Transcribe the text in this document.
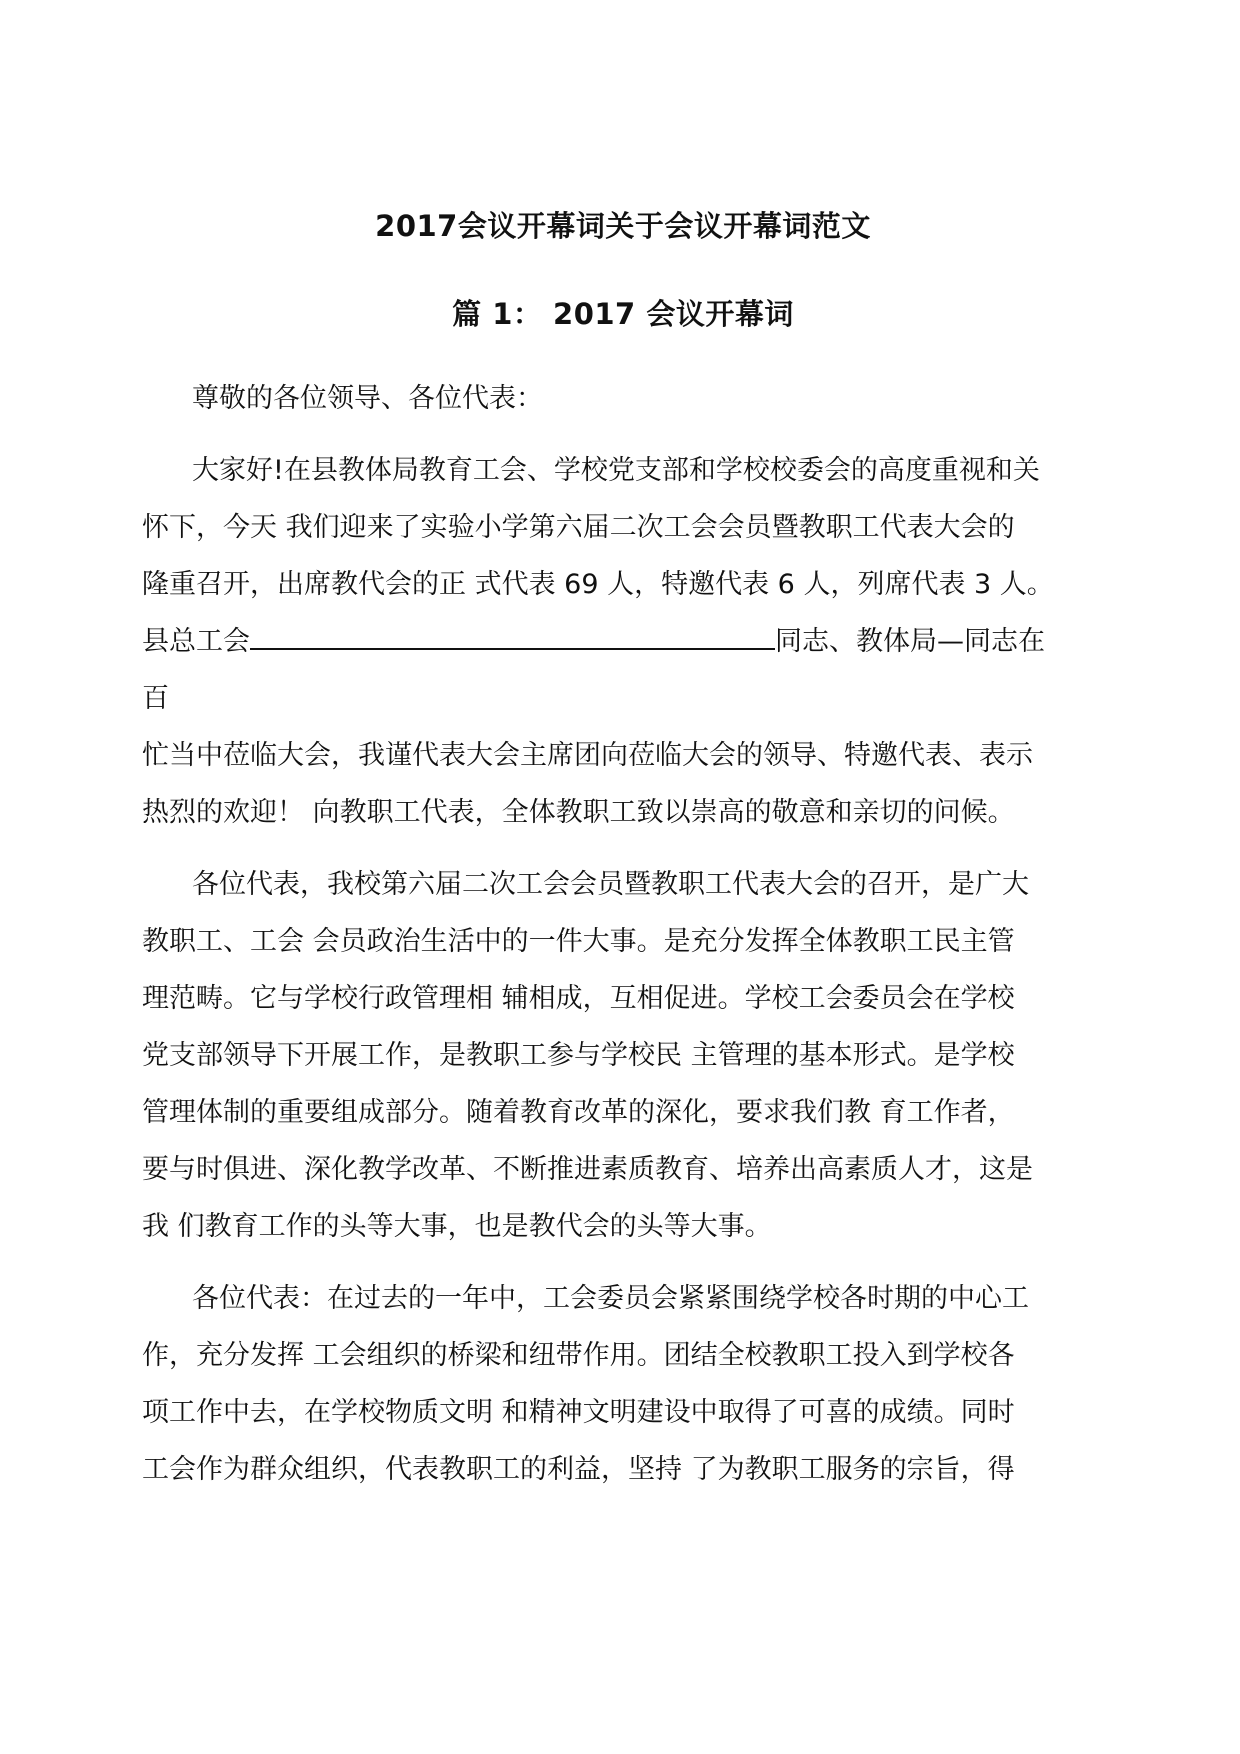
2017会议开幕词关于会议开幕词范文
篇 1： 2017 会议开幕词
尊敬的各位领导、各位代表：
大家好!在县教体局教育工会、学校党支部和学校校委会的高度重视和关
怀下，今天 我们迎来了实验小学第六届二次工会会员暨教职工代表大会的
隆重召开，出席教代会的正 式代表 69 人，特邀代表 6 人，列席代表 3 人。
县总工会	同志、教体局—同志在
百
忙当中莅临大会，我谨代表大会主席团向莅临大会的领导、特邀代表、表示
热烈的欢迎！ 向教职工代表，全体教职工致以崇高的敬意和亲切的问候。
各位代表，我校第六届二次工会会员暨教职工代表大会的召开，是广大
教职工、工会 会员政治生活中的一件大事。是充分发挥全体教职工民主管
理范畴。它与学校行政管理相 辅相成，互相促进。学校工会委员会在学校
党支部领导下开展工作，是教职工参与学校民 主管理的基本形式。是学校
管理体制的重要组成部分。随着教育改革的深化，要求我们教 育工作者，
要与时俱进、深化教学改革、不断推进素质教育、培养出高素质人才，这是
我 们教育工作的头等大事，也是教代会的头等大事。
各位代表：在过去的一年中，工会委员会紧紧围绕学校各时期的中心工
作，充分发挥 工会组织的桥梁和纽带作用。团结全校教职工投入到学校各
项工作中去，在学校物质文明 和精神文明建设中取得了可喜的成绩。同时
工会作为群众组织，代表教职工的利益，坚持 了为教职工服务的宗旨，得
